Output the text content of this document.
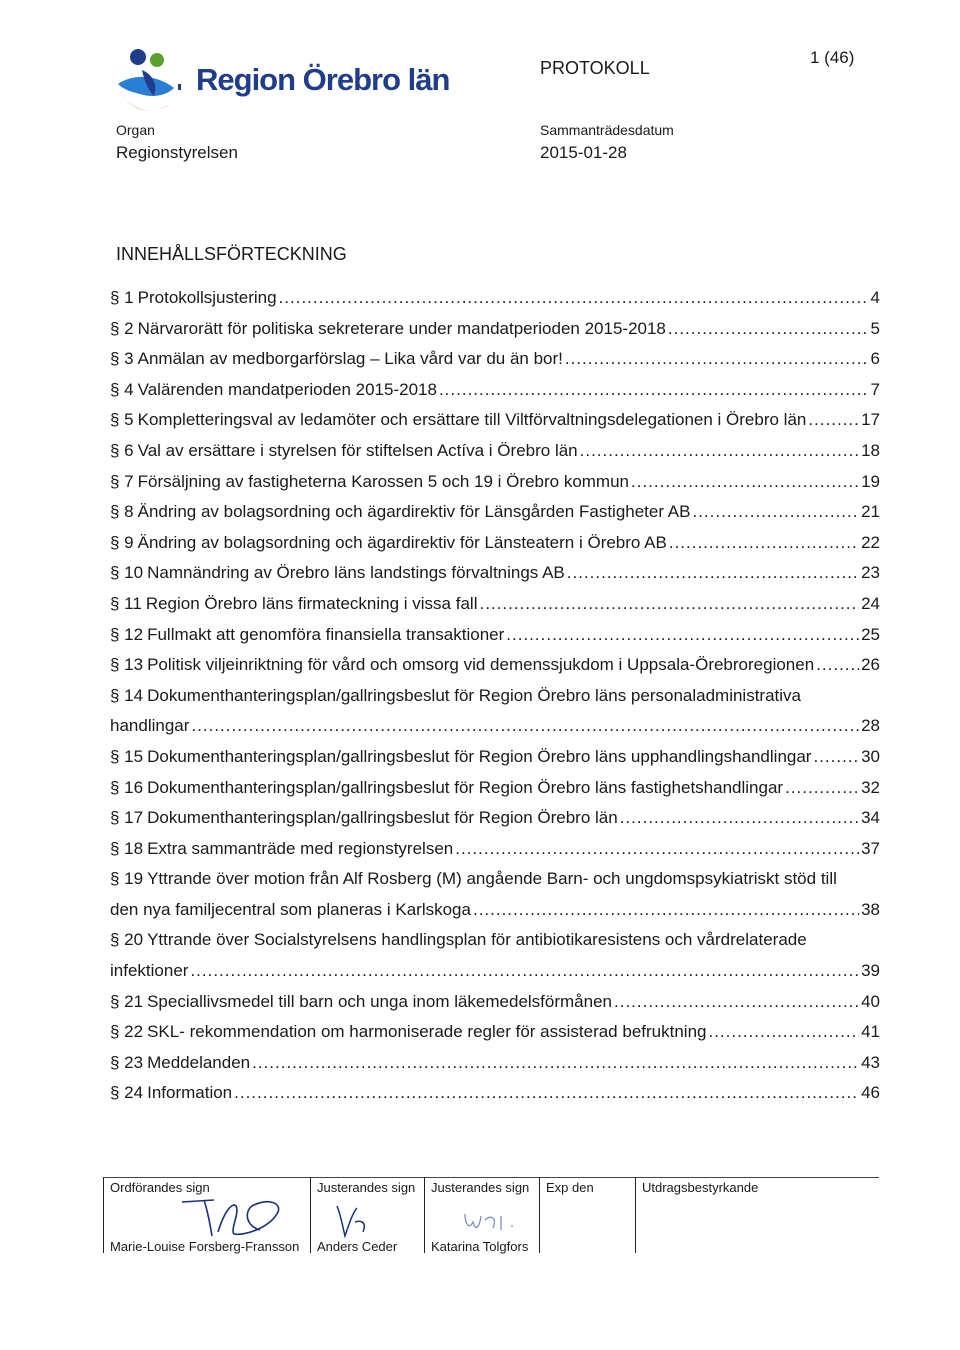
Region Örebro län	PROTOKOLL
1 (46)
Organ
Regionstyrelsen
Sammanträdesdatum
2015-01-28
INNEHÅLLSFÖRTECKNING
§ 1 Protokollsjustering .....	4
§ 2 Närvarorätt för politiska sekreterare under mandatperioden 2015-2018 .....	5
§ 3 Anmälan av medborgarförslag – Lika vård var du än bor! .....	6
§ 4 Valärenden mandatperioden 2015-2018 .....	7
§ 5 Kompletteringsval av ledamöter och ersättare till Viltförvaltningsdelegationen i Örebro län .....	17
§ 6 Val av ersättare i styrelsen för stiftelsen Actíva i Örebro län .....	18
§ 7 Försäljning av fastigheterna Karossen 5 och 19 i Örebro kommun .....	19
§ 8 Ändring av bolagsordning och ägardirektiv för Länsgården Fastigheter AB .....	21
§ 9 Ändring av bolagsordning och ägardirektiv för Länsteatern i Örebro AB .....	22
§ 10 Namnändring av Örebro läns landstings förvaltnings AB .....	23
§ 11 Region Örebro läns firmateckning i vissa fall .....	24
§ 12 Fullmakt att genomföra finansiella transaktioner .....	25
§ 13 Politisk viljeinriktning för vård och omsorg vid demenssjukdom i Uppsala-Örebroregionen .....	26
§ 14 Dokumenthanteringsplan/gallringsbeslut för Region Örebro läns personaladministrativa
handlingar .....	28
§ 15 Dokumenthanteringsplan/gallringsbeslut för Region Örebro läns upphandlingshandlingar .....	30
§ 16 Dokumenthanteringsplan/gallringsbeslut för Region Örebro läns fastighetshandlingar .....	32
§ 17 Dokumenthanteringsplan/gallringsbeslut för Region Örebro län .....	34
§ 18 Extra sammanträde med regionstyrelsen .....	37
§ 19 Yttrande över motion från Alf Rosberg (M) angående Barn- och ungdomspsykiatriskt stöd till
den nya familjecentral som planeras i Karlskoga .....	38
§ 20 Yttrande över Socialstyrelsens handlingsplan för antibiotikaresistens och vårdrelaterade
infektioner .....	39
§ 21 Speciallivsmedel till barn och unga inom läkemedelsförmånen .....	40
§ 22 SKL- rekommendation om harmoniserade regler för assisterad befruktning .....	41
§ 23 Meddelanden .....	43
§ 24 Information .....	46
Ordförandes sign
Marie-Louise Forsberg-Fransson

Justerandes sign
Anders Ceder

Justerandes sign
Katarina Tolgfors

Exp den	Utdragsbestyrkande
